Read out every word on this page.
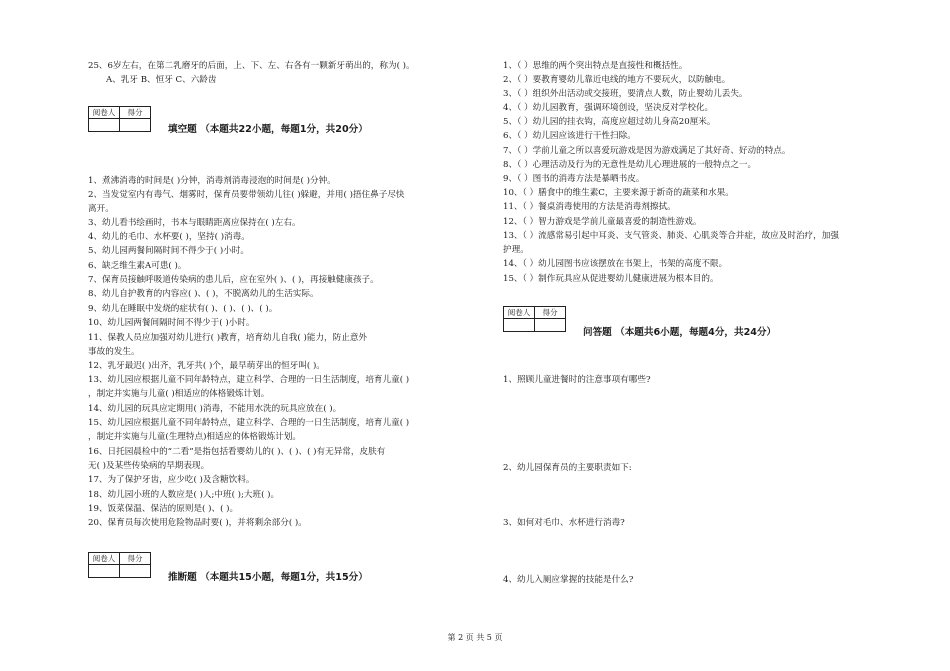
25、6岁左右，在第二乳磨牙的后面，上、下、左、右各有一颗新牙萌出的，称为( )。
A、乳牙 B、恒牙 C、六龄齿
阅卷人	得分

填空题 （本题共22小题，每题1分，共20分）
1、煮沸消毒的时间是( )分钟，消毒剂消毒浸泡的时间是( )分钟。
2、当发觉室内有毒气、烟雾时，保育员要带领幼儿往( )躲避，并用( )捂住鼻子尽快
离开。
3、幼儿看书绘画时，书本与眼睛距离应保持在( )左右。
4、幼儿的毛巾、水杯要( )，坚持( )消毒。
5、幼儿园两餐间隔时间不得少于( )小时。
6、缺乏维生素A可患( )。
7、保育员接触呼吸道传染病的患儿后，应在室外( )、( )，再接触健康孩子。
8、幼儿自护教育的内容应( )、( )，不脱离幼儿的生活实际。
9、幼儿在睡眠中发烧的症状有( )、( )、( )、( )。
10、幼儿园两餐间隔时间不得少于( )小时。
11、保教人员应加强对幼儿进行( )教育，培育幼儿自我( )能力，防止意外
事故的发生。
12、乳牙最迟( )出齐，乳牙共( )个，最早萌芽出的恒牙叫( )。
13、幼儿园应根据儿童不同年龄特点，建立科学、合理的一日生活制度，培育儿童( )
，制定并实施与儿童( )相适应的体格锻炼计划。
14、幼儿园的玩具应定期用( )消毒，不能用水洗的玩具应放在( )。
15、幼儿园应根据儿童不同年龄特点，建立科学、合理的一日生活制度，培育儿童( )
，制定并实施与儿童(生理特点)相适应的体格锻炼计划。
16、日托园晨检中的“二看”是指包括看婴幼儿的( )、( )、( )有无异常，皮肤有
无( )及某些传染病的早期表现。
17、为了保护牙齿，应少吃( )及含糖饮料。
18、幼儿园小班的人数应是( )人;中班( );大班( )。
19、饭菜保温、保洁的原则是( )、( )。
20、保育员每次使用危险物品时要( )，并将剩余部分( )。
阅卷人	得分

推断题 （本题共15小题，每题1分，共15分）
1、（ ）思维的两个突出特点是直接性和概括性。
2、（ ）要教育婴幼儿靠近电线的地方不要玩火，以防触电。
3、（ ）组织外出活动或交接班，要清点人数，防止婴幼儿丢失。
4、（ ）幼儿园教育，强调环境创设，坚决反对学校化。
5、（ ）幼儿园的挂衣钩，高度应超过幼儿身高20厘米。
6、（ ）幼儿园应该进行干性扫除。
7、（ ）学前儿童之所以喜爱玩游戏是因为游戏满足了其好奇、好动的特点。
8、（ ）心理活动及行为的无意性是幼儿心理进展的一般特点之一。
9、（ ）图书的消毒方法是暴晒书皮。
10、（ ）膳食中的维生素C，主要来源于新奇的蔬菜和水果。
11、（ ）餐桌消毒使用的方法是消毒剂擦拭。
12、（ ）智力游戏是学前儿童最喜爱的制造性游戏。
13、（ ）流感常易引起中耳炎、支气管炎、肺炎、心肌炎等合并症，故应及时治疗，加强
护理。
14、（ ）幼儿园图书应该摆放在书架上，书架的高度不限。
15、（ ）制作玩具应从促进婴幼儿健康进展为根本目的。
阅卷人	得分

问答题 （本题共6小题，每题4分，共24分）
1、照顾儿童进餐时的注意事项有哪些?
2、幼儿园保育员的主要职责如下:
3、如何对毛巾、水杯进行消毒?
4、幼儿入厕应掌握的技能是什么?
第 2 页 共 5 页
